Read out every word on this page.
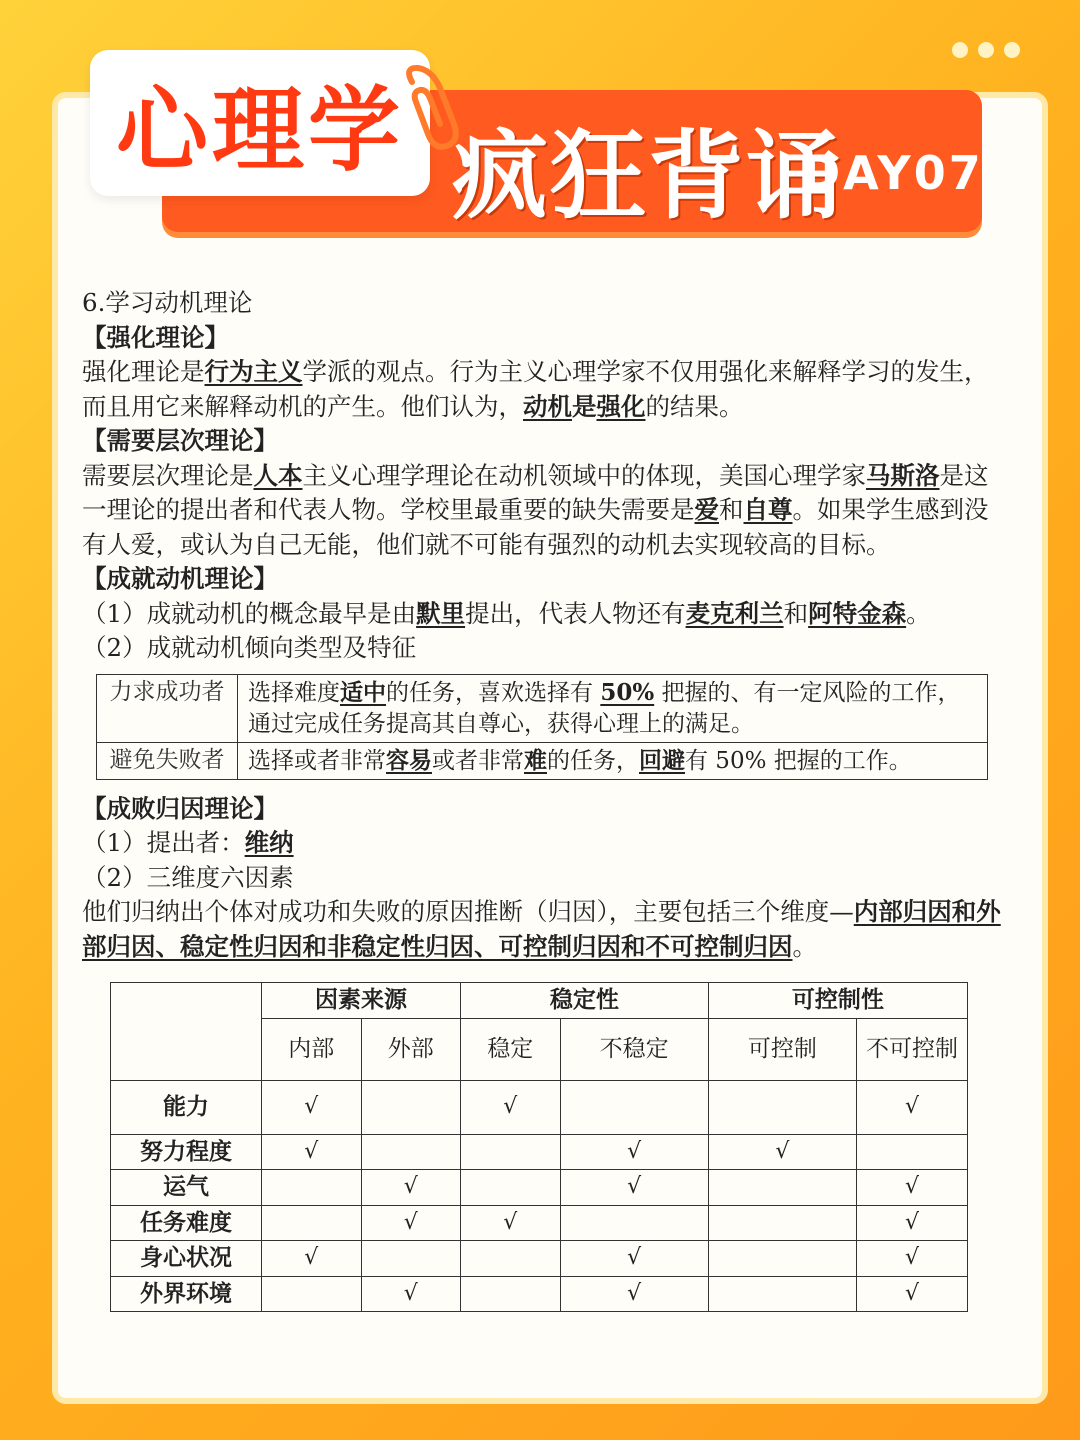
心理学 疯狂背诵
DAY07

6.学习动机理论

【强化理论】

强化理论是行为主义学派的观点。行为主义心理学家不仅用强化来解释学习的发生，而且用它来解释动机的产生。他们认为，动机是强化的结果。

【需要层次理论】

需要层次理论是人本主义心理学理论在动机领域中的体现，美国心理学家马斯洛是这一理论的提出者和代表人物。学校里最重要的缺失需要是爱和自尊。如果学生感到没有人爱，或认为自己无能，他们就不可能有强烈的动机去实现较高的目标。

【成就动机理论】

（1）成就动机的概念最早是由默里提出，代表人物还有麦克利兰和阿特金森。

（2）成就动机倾向类型及特征

力求成功者	选择难度适中的任务，喜欢选择有 50% 把握的、有一定风险的工作，通过完成任务提高其自尊心，获得心理上的满足。
避免失败者	选择或者非常容易或者非常难的任务，回避有 50% 把握的工作。

【成败归因理论】

（1）提出者：维纳

（2）三维度六因素

他们归纳出个体对成功和失败的原因推断（归因），主要包括三个维度—内部归因和外部归因、稳定性归因和非稳定性归因、可控制归因和不可控制归因。

	因素来源		稳定性		可控制性	
	内部	外部	稳定	不稳定	可控制	不可控制
能力	√		√			√
努力程度	√			√	√	
运气		√		√		√
任务难度		√	√			√
身心状况	√			√		√
外界环境		√		√		√
